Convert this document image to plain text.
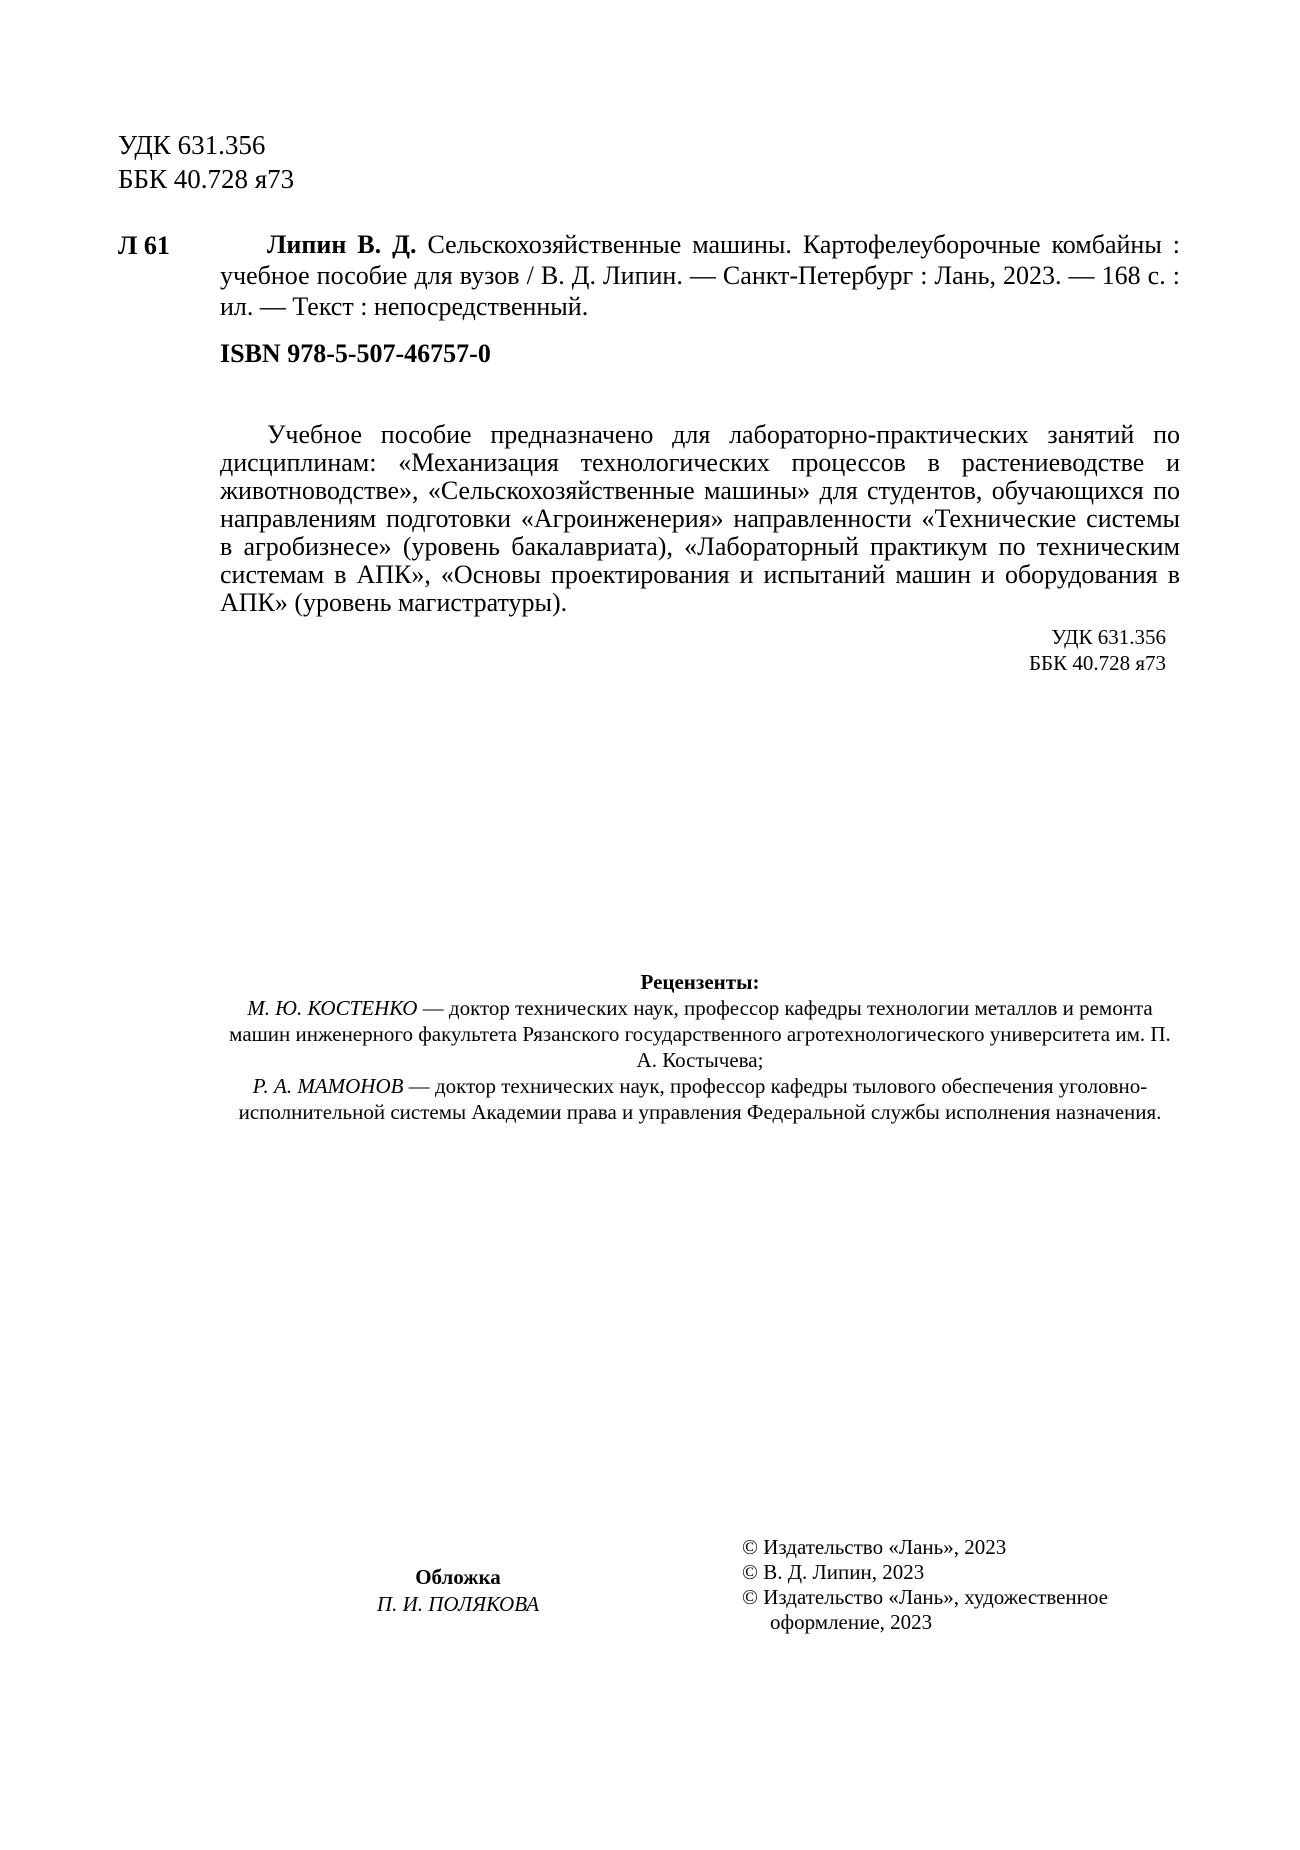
УДК 631.356
ББК 40.728 я73
Л 61	Липин В. Д. Сельскохозяйственные машины. Картофелеуборочные комбайны : учебное пособие для вузов / В. Д. Липин. — Санкт-Петербург : Лань, 2023. — 168 с. : ил. — Текст : непосредственный.
ISBN 978-5-507-46757-0
Учебное пособие предназначено для лабораторно-практических занятий по дисциплинам: «Механизация технологических процессов в растениеводстве и животноводстве», «Сельскохозяйственные машины» для студентов, обучающихся по направлениям подготовки «Агроинженерия» направленности «Технические системы в агробизнесе» (уровень бакалавриата), «Лабораторный практикум по техническим системам в АПК», «Основы проектирования и испытаний машин и оборудования в АПК» (уровень магистратуры).
УДК 631.356
ББК 40.728 я73
Рецензенты:
М. Ю. КОСТЕНКО — доктор технических наук, профессор кафедры технологии металлов и ремонта машин инженерного факультета Рязанского государственного агротехнологического университета им. П. А. Костычева;
Р. А. МАМОНОВ — доктор технических наук, профессор кафедры тылового обеспечения уголовно-исполнительной системы Академии права и управления Федеральной службы исполнения назначения.
Обложка
П. И. ПОЛЯКОВА
© Издательство «Лань», 2023
© В. Д. Липин, 2023
© Издательство «Лань», художественное оформление, 2023
